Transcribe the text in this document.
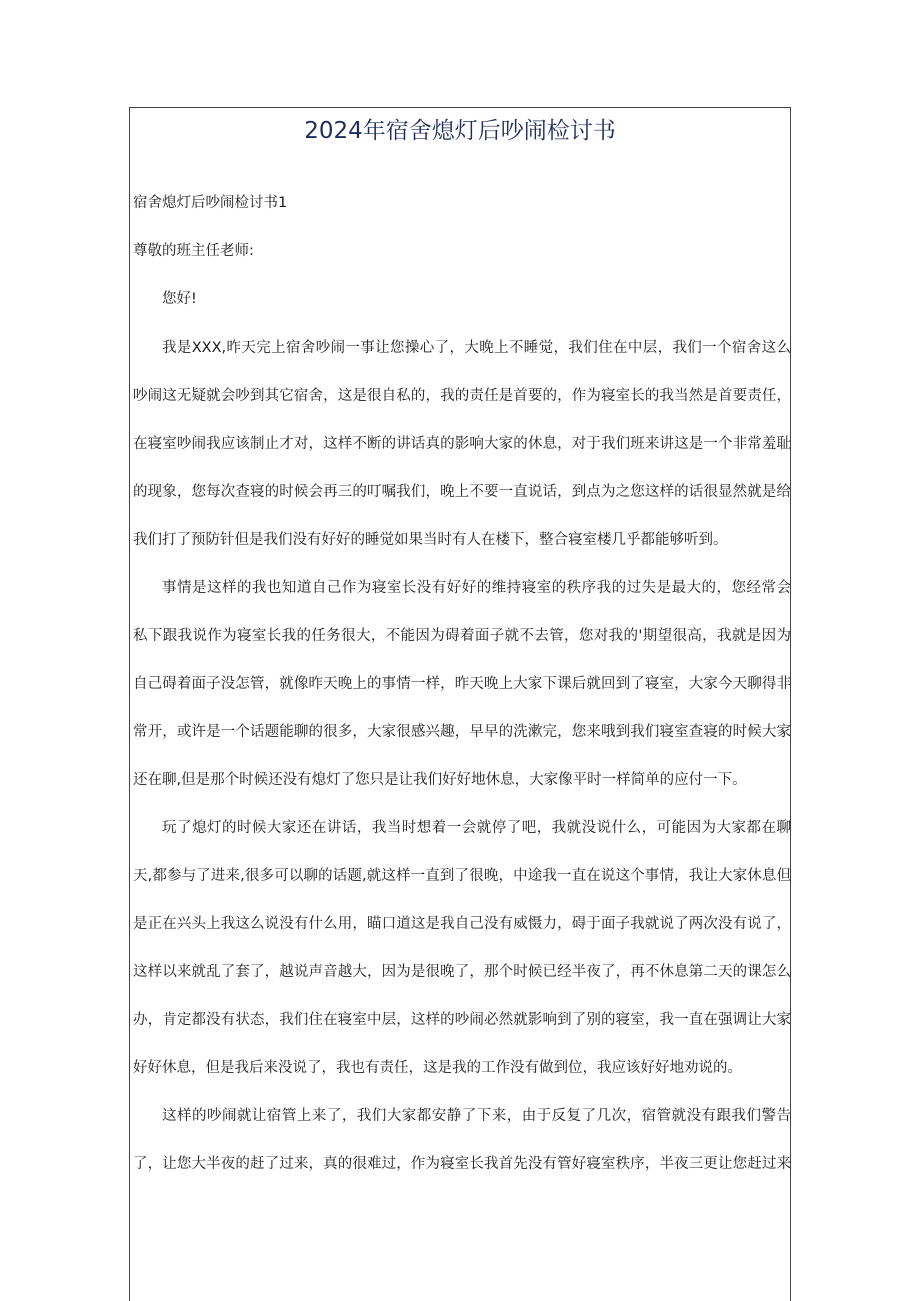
2024年宿舍熄灯后吵闹检讨书

宿舍熄灯后吵闹检讨书1

尊敬的班主任老师:

您好!

我是XXX,昨天完上宿舍吵闹一事让您操心了，大晚上不睡觉，我们住在中层，我们一个宿舍这么

吵闹这无疑就会吵到其它宿舍，这是很自私的，我的责任是首要的，作为寝室长的我当然是首要责任，

在寝室吵闹我应该制止才对，这样不断的讲话真的影响大家的休息，对于我们班来讲这是一个非常羞耻

的现象，您每次查寝的时候会再三的叮嘱我们，晚上不要一直说话，到点为之您这样的话很显然就是给

我们打了预防针但是我们没有好好的睡觉如果当时有人在楼下，整合寝室楼几乎都能够听到。

事情是这样的我也知道自己作为寝室长没有好好的维持寝室的秩序我的过失是最大的，您经常会

私下跟我说作为寝室长我的任务很大，不能因为碍着面子就不去管，您对我的'期望很高，我就是因为

自己碍着面子没怎管，就像昨天晚上的事情一样，昨天晚上大家下课后就回到了寝室，大家今天聊得非

常开，或许是一个话题能聊的很多，大家很感兴趣，早早的洗漱完，您来哦到我们寝室查寝的时候大家

还在聊,但是那个时候还没有熄灯了您只是让我们好好地休息，大家像平时一样简单的应付一下。

玩了熄灯的时候大家还在讲话，我当时想着一会就停了吧，我就没说什么，可能因为大家都在聊

天,都参与了进来,很多可以聊的话题,就这样一直到了很晚，中途我一直在说这个事情，我让大家休息但

是正在兴头上我这么说没有什么用，瞄口道这是我自己没有威慑力，碍于面子我就说了两次没有说了，

这样以来就乱了套了，越说声音越大，因为是很晚了，那个时候已经半夜了，再不休息第二天的课怎么

办，肯定都没有状态，我们住在寝室中层，这样的吵闹必然就影响到了别的寝室，我一直在强调让大家

好好休息，但是我后来没说了，我也有责任，这是我的工作没有做到位，我应该好好地劝说的。

这样的吵闹就让宿管上来了，我们大家都安静了下来，由于反复了几次，宿管就没有跟我们警告

了，让您大半夜的赶了过来，真的很难过，作为寝室长我首先没有管好寝室秩序，半夜三更让您赶过来
